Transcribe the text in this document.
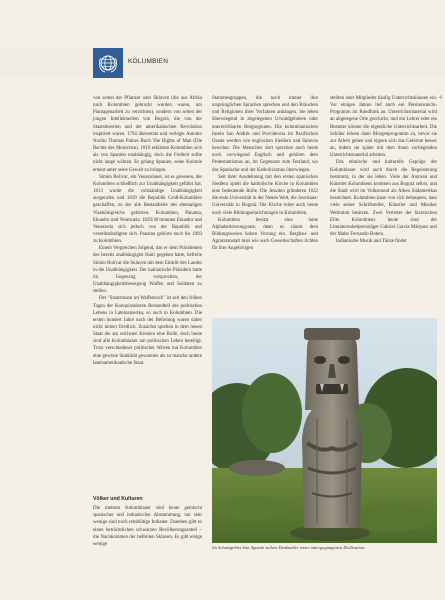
KOLUMBIEN
4

von seiten der Pflanzer oder Sklaven (die aus Afrika nach Kolumbien gebracht worden waren, um Plantagenarbeit zu verrichten), sondern von seiten der jungen Intellektuellen von Bogotá, die von der Staatstheorien und der amerikanischen Revolution inspiriert waren. 1794 übersetzte und verlegte Antonio Nariño Thomas Paines Buch The Rights of Man (Die Rechte des Menschen). 1810 erklärten Kolumbien sich als von Spanien unabhängig, doch die Freiheit sollte nicht lange währen. Es gelang Spanien, seine Kolonie erneut unter seine Gewalt zu bringen.

Simón Bolívar, ein Venezolaner, ist es gewesen, der Kolumbien schließlich zur Unabhängigkeit geführt hat. 1813 wurde die vollständige Unabhängigkeit ausgerufen und 1819 die Republik Groß-Kolumbien geschaffen, zu der alle Bestandteile des ehemaligen Vizekönigreichs gehörten: Kolumbien, Panama, Ekuador und Venezuela. 1829/30 trennten Ekuador und Venezuela sich jedoch von der Republik und verselbständigten sich. Panama gehörte noch bis 1903 zu Kolumbien.

Einem Vergreichen folgend, das er dem Präsidenten des bereits unabhängigen Haiti gegeben hatte, befreite Simón Bolívar die Sklaven mit dem Eintritt des Landes in die Unabhängigkeit. Der haitianische Präsident hatte im Gegenzug versprochen, der Unabhängigkeitsbewegung Waffen und Soldaten zu stellen.

Der "Staatsmann im Waffenrock" ist seit den frühen Tagen der Konquistadoren Bestandteil des politischen Lebens in Lateinamerika, so auch in Kolumbien. Die ersten hundert Jahre nach der Befreiung waren daher nicht immer friedlich. Zunächst spielten in dem neuen Staat die am reichsten Kreolen eine Rolle, doch heute sind alle Kolumbianer am politischen Leben beteiligt. Trotz verschiedener politischer Wirren hat Kolumbien eine gewisse Stabilität gewonnen als so manche andere lateinamerikanische Staat.

Völker und Kulturen

Die meisten Kolumbianer sind heute gemischt spanischer und indianischer Abstammung; nur sehr wenige sind noch reinblütige Indianer. Daneben gibt es einen beträchtlichen schwarzen Bevölkerungsanteil – die Nachkommen der befreiten Sklaven. Es gibt einige wenige

Stammesgruppen, die noch immer ihre ursprünglichen Sprachen sprechen und den Bräuchen und Religionen ihrer Vorfahren anhängen. Sie leben überwiegend in abgelegenen Urwaldgebieten oder unerreichbaren Bergregionen. Die kolumbianischen Inseln San Andrés und Providencia im Pazifischen Ozean werden von englischen Siedlern und Sklaven bewohnt. Die Menschen dort sprechen auch heute noch vorwiegend Englisch und gehören dem Protestantismus an, im Gegensatz zum Festland, wo das Spanische und der Katholizismus überwiegen.

Seit ihrer Ausdehnung mit den ersten spanischen Siedlern spielt die katholische Kirche in Kolumbien eine bedeutende Rolle. Die Jesuiten gründeten 1622 die erste Universität in der Neuen Welt, die Javeriana-Universität in Bogotá. Die Kirche leitet auch heute noch viele Bildungseinrichtungen in Kolumbien.

Kolumbien besitzt eine hohe Alphabetisierungsrate, denn es räumt dem Bildungswesen hohen Vorrang ein. Bergbau- und Agrararanstalt man wie auch Gewerkschaften richten für ihre Angehörigen

stellten oder Mitglieder häufig Unterrichtsklassen ein. Vor einigen Jahren lief auch ein Pensionsnicht-Programm im Rundfunk an. Unterrichtsmaterial wird an abgelegene Orte geschickt, und ein Lehrer oder ein Beamter könnte die eigentliche Unterrichtsarbeit. Die Schüler lehren dann Morgenprogramm zu, bevor sie zur Arbeit gehen und eignen sich das Gelernte besser an, indem sie später mit dem ihnen vorliegenden Unterrichtsmaterial arbeiten.

Das ethnische und kulturelle Gepräge der Kolumbianer wird auch durch die Begeisterung bestimmt, in der sie leben. Viele der Autoren und Künstler Kolumbiens kommen aus Bogotá selbst, und die Stadt wird im Volksmund als Athen Südamerikas bezeichnet. Kolumbien kann von sich behaupten, dass viele seiner Schriftsteller, Künstler und Musiker Weltruhm besitzen. Zwei Vertreter der klassischen Elite Kolumbiens heute sind der Literaturnobelpreisträger Gabriel García Márquez und der Maler Fernando Botero.

Indianische Musik und Tänze findet

Im Schutzgebiet San Agustín stehen Denkmäler einer untergegangenen Zivilisation.
